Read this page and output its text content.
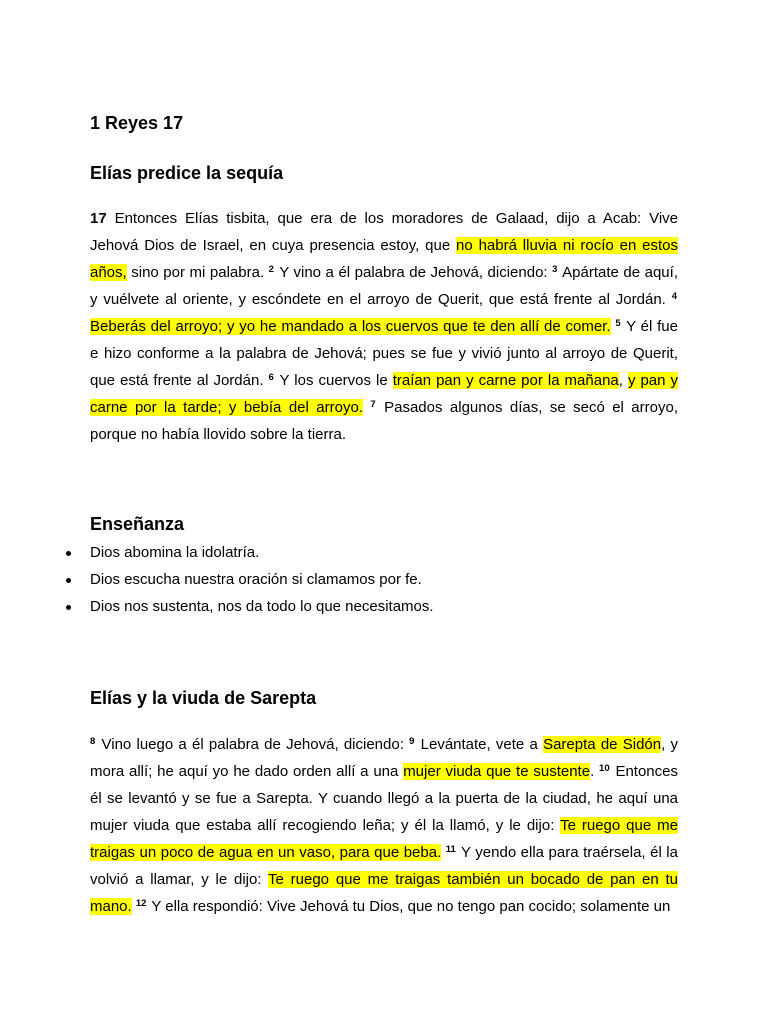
1 Reyes 17
Elías predice la sequía

17 Entonces Elías tisbita, que era de los moradores de Galaad, dijo a Acab: Vive Jehová Dios de Israel, en cuya presencia estoy, que no habrá lluvia ni rocío en estos años, sino por mi palabra. $^2$ Y vino a él palabra de Jehová, diciendo: $^3$ Apártate de aquí, y vuélvete al oriente, y escóndete en el arroyo de Querit, que está frente al Jordán. $^4$ Beberás del arroyo; y yo he mandado a los cuervos que te den allí de comer. $^5$ Y él fue e hizo conforme a la palabra de Jehová; pues se fue y vivió junto al arroyo de Querit, que está frente al Jordán. $^6$ Y los cuervos le traían pan y carne por la mañana, y pan y carne por la tarde; y bebía del arroyo. $^7$ Pasados algunos días, se secó el arroyo, porque no había llovido sobre la tierra.

Enseñanza
Dios abomina la idolatría.
Dios escucha nuestra oración si clamamos por fe.
Dios nos sustenta, nos da todo lo que necesitamos.
Elías y la viuda de Sarepta

$^8$ Vino luego a él palabra de Jehová, diciendo: $^9$ Levántate, vete a Sarepta de Sidón, y mora allí; he aquí yo he dado orden allí a una mujer viuda que te sustente. $^{10}$ Entonces él se levantó y se fue a Sarepta. Y cuando llegó a la puerta de la ciudad, he aquí una mujer viuda que estaba allí recogiendo leña; y él la llamó, y le dijo: Te ruego que me traigas un poco de agua en un vaso, para que beba. $^{11}$ Y yendo ella para traérsela, él la volvió a llamar, y le dijo: Te ruego que me traigas también un bocado de pan en tu mano. $^{12}$ Y ella respondió: Vive Jehová tu Dios, que no tengo pan cocido; solamente un
